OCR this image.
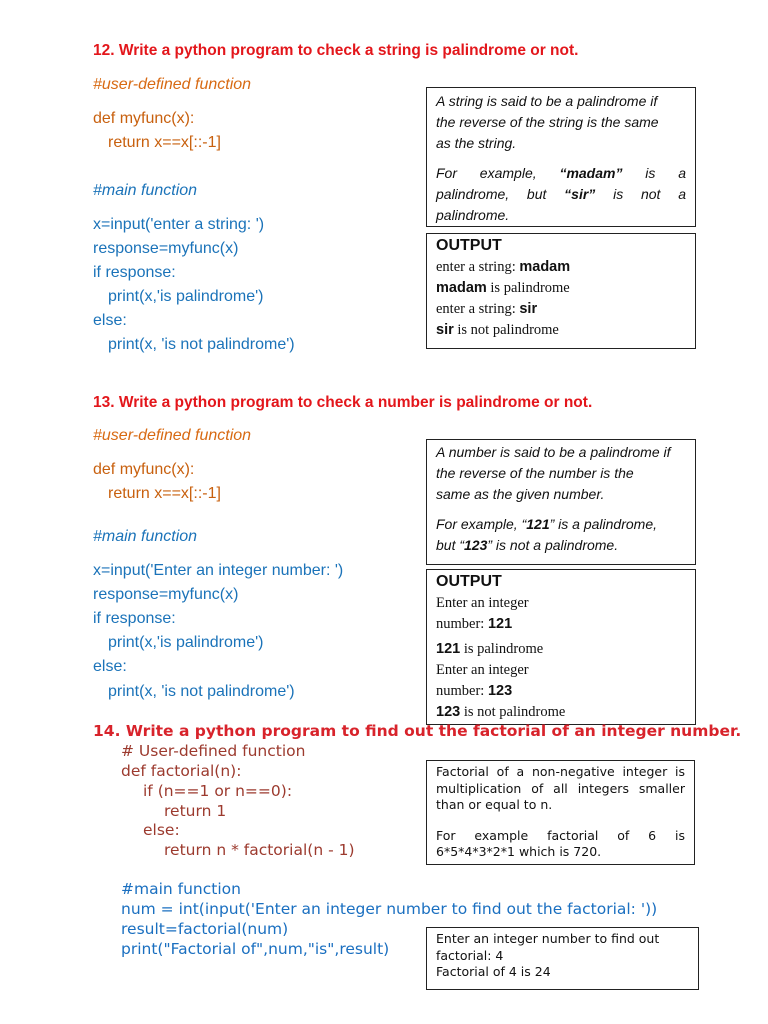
12. Write a python program to check a string is palindrome or not.
#user-defined function
def myfunc(x):
return x==x[::-1]
#main function
x=input('enter a string: ')
response=myfunc(x)
if response:
print(x,'is palindrome')
else:
print(x, 'is not palindrome')

A string is said to be a palindrome if

the reverse of the string is the same

as the string.

For example, “madam” is a

palindrome, but “sir” is not a

palindrome.

OUTPUT

enter a string: madam

madam is palindrome

enter a string: sir

sir is not palindrome

13. Write a python program to check a number is palindrome or not.
#user-defined function
def myfunc(x):
return x==x[::-1]
#main function
x=input('Enter an integer number: ')
response=myfunc(x)
if response:
print(x,'is palindrome')
else:
print(x, 'is not palindrome')

A number is said to be a palindrome if

the reverse of the number is the

same as the given number.

For example, “121” is a palindrome,

but “123” is not a palindrome.

OUTPUT

Enter an integer

number: 121

121 is palindrome

Enter an integer

number: 123

123 is not palindrome

14. Write a python program to find out the factorial of an integer number.
# User-defined function
def factorial(n):
if (n==1 or n==0):
return 1
else:
return n * factorial(n - 1)
#main function
num = int(input('Enter an integer number to find out the factorial: '))
result=factorial(num)
print("Factorial of",num,"is",result)

Factorial of a non-negative integer is

multiplication of all integers smaller

than or equal to n.

For example factorial of 6 is

6*5*4*3*2*1 which is 720.

Enter an integer number to find out

factorial: 4

Factorial of 4 is 24
